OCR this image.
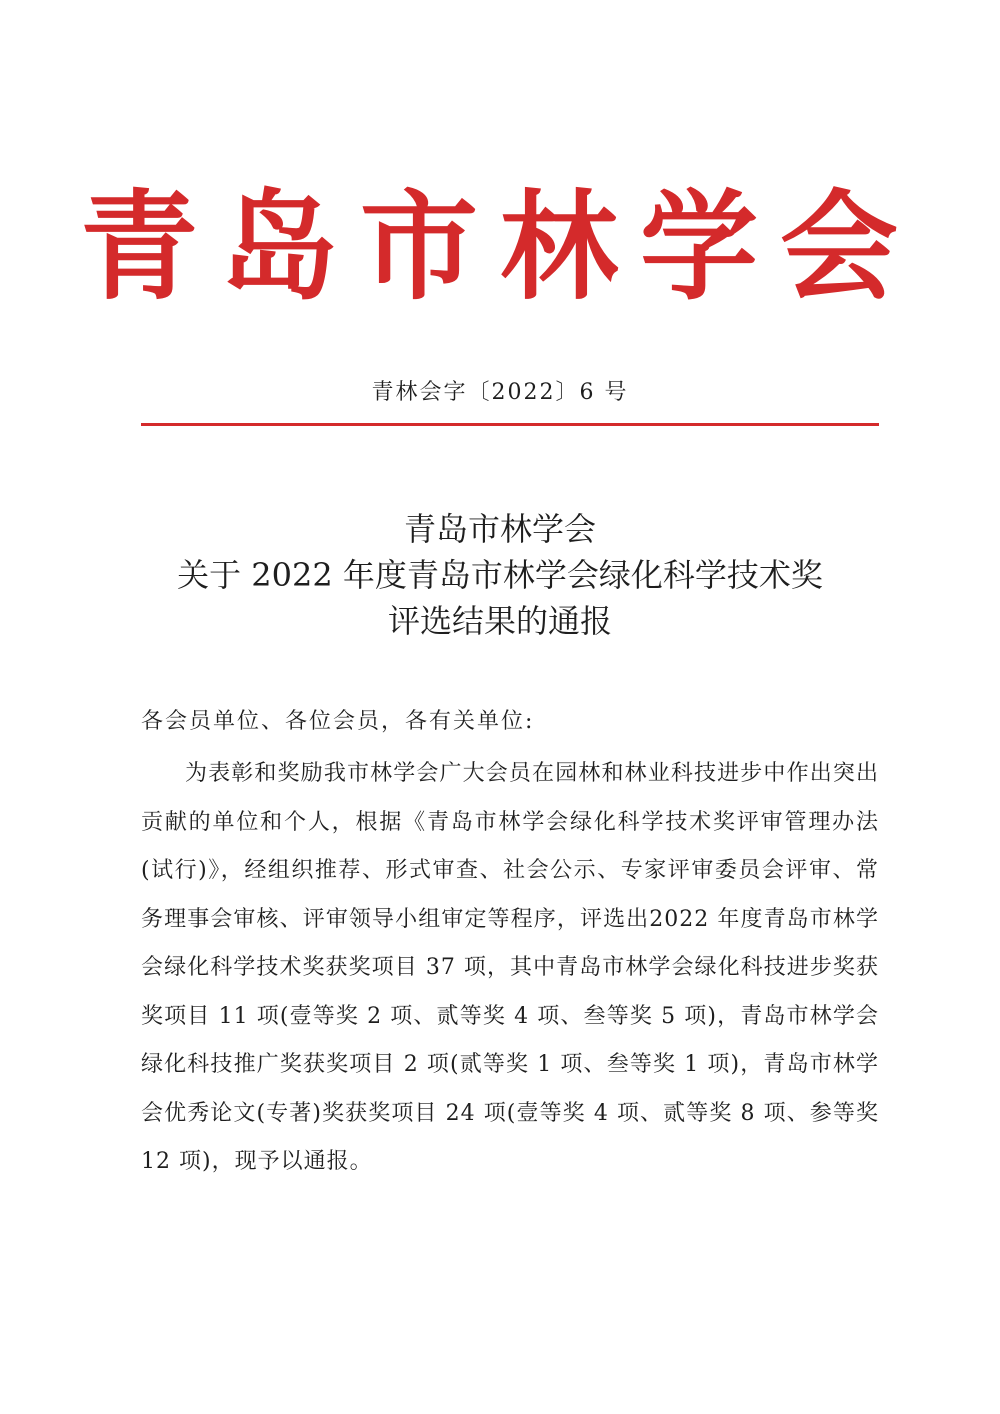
青岛市林学会
青林会字〔2022〕6 号
青岛市林学会
关于 2022 年度青岛市林学会绿化科学技术奖
评选结果的通报
各会员单位、各位会员，各有关单位:

为表彰和奖励我市林学会广大会员在园林和林业科技进步中作出突出贡献的单位和个人，根据《青岛市林学会绿化科学技术奖评审管理办法(试行)》，经组织推荐、形式审查、社会公示、专家评审委员会评审、常务理事会审核、评审领导小组审定等程序，评选出2022 年度青岛市林学会绿化科学技术奖获奖项目 37 项，其中青岛市林学会绿化科技进步奖获奖项目 11 项(壹等奖 2 项、贰等奖 4 项、叁等奖 5 项)，青岛市林学会绿化科技推广奖获奖项目 2 项(贰等奖 1 项、叁等奖 1 项)，青岛市林学会优秀论文(专著)奖获奖项目 24 项(壹等奖 4 项、贰等奖 8 项、参等奖 12 项)，现予以通报。
